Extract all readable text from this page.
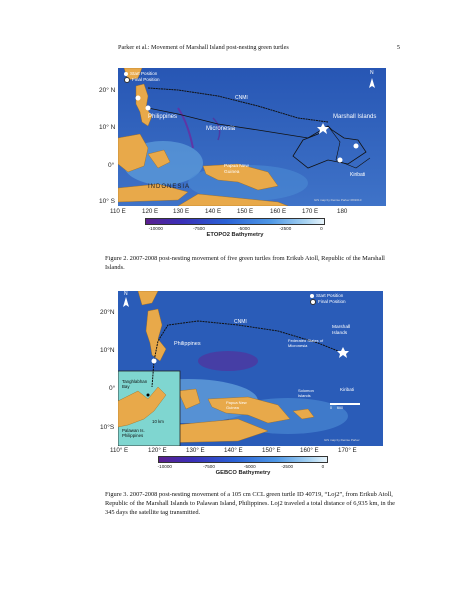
Parker et al.: Movement of Marshall Island post-nesting green turtles	5
20° N
10° N
0°
10° S
Start Position
Final Position
CNMI
Marshall Islands
Philippines
Micronesia
Papua New Guinea	Kiribati
INDONESIA
N
GIS map by Denise Parker 08/2010
110 E	120 E 130 E	140 E	150 E	160 E	170 E	180
-10000	-7500	-5000	-2500	0
ETOPO2 Bathymetry
Figure 2. 2007-2008 post-nesting movement of five green turtles from Erikub Atoll, Republic of the Marshall Islands.
20°N
10°N
0°
10°S
Start Position
Final Position
N
CNMI
Marshall Islands
Philippines
Federated States of Micronesia
Papua New Guinea
Solomon Islands
Kiribati
Tanghlabhan Bay
Palawan Is. Philippines
10 km
0     600
GIS map by Denise Parker
110° E	120° E	130° E	140° E	150° E	160° E	170° E
-10000	-7500	-5000	-2500	0
GEBCO Bathymetry
Figure 3. 2007-2008 post-nesting movement of a 105 cm CCL green turtle ID 40719, “Loj2”, from Erikub Atoll, Republic of the Marshall Islands to Palawan Island, Philippines. Loj2 traveled a total distance of 6,935 km, in the 345 days the satellite tag transmitted.
